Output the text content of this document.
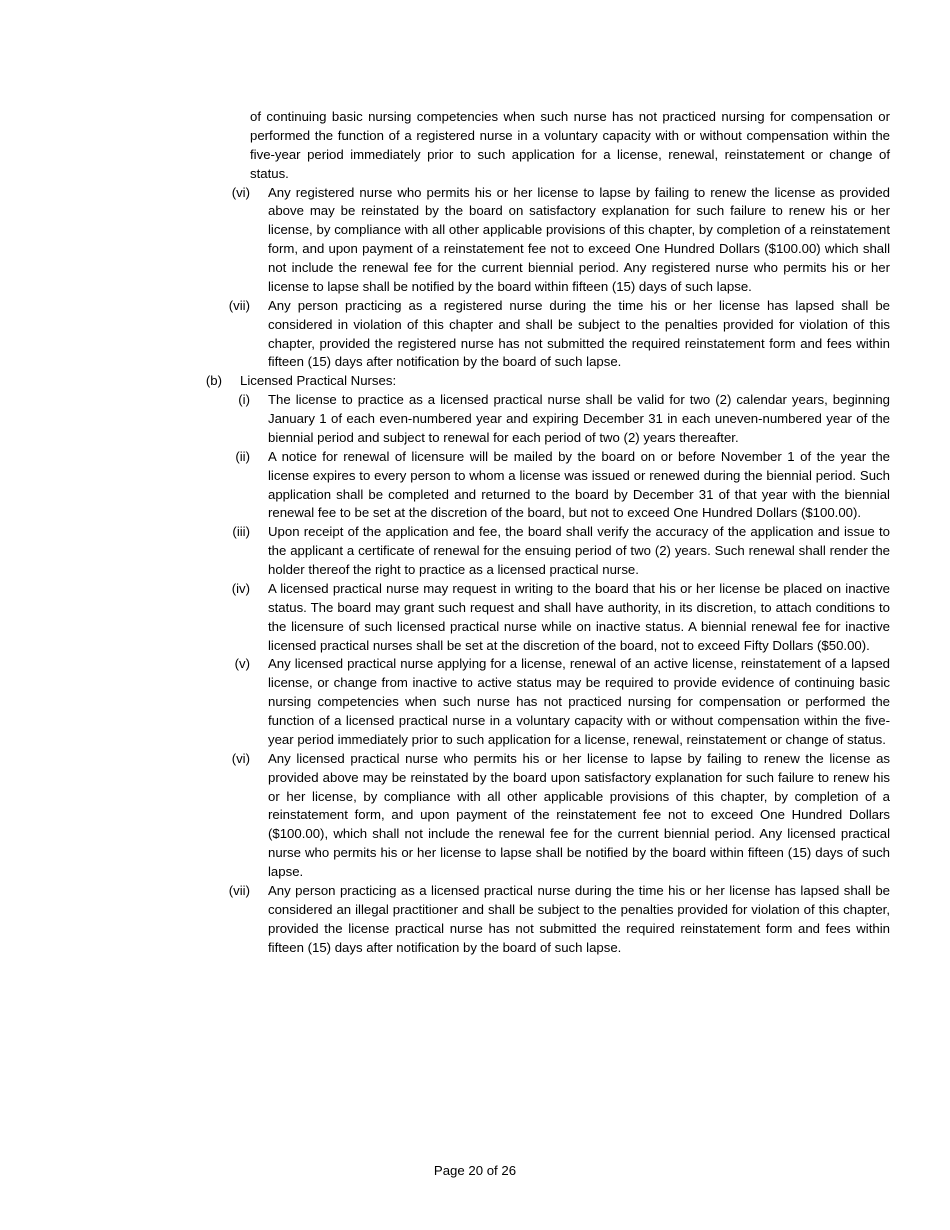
of continuing basic nursing competencies when such nurse has not practiced nursing for compensation or performed the function of a registered nurse in a voluntary capacity with or without compensation within the five-year period immediately prior to such application for a license, renewal, reinstatement or change of status.

(vi)	Any registered nurse who permits his or her license to lapse by failing to renew the license as provided above may be reinstated by the board on satisfactory explanation for such failure to renew his or her license, by compliance with all other applicable provisions of this chapter, by completion of a reinstatement form, and upon payment of a reinstatement fee not to exceed One Hundred Dollars ($100.00) which shall not include the renewal fee for the current biennial period. Any registered nurse who permits his or her license to lapse shall be notified by the board within fifteen (15) days of such lapse.
(vii)	Any person practicing as a registered nurse during the time his or her license has lapsed shall be considered in violation of this chapter and shall be subject to the penalties provided for violation of this chapter, provided the registered nurse has not submitted the required reinstatement form and fees within fifteen (15) days after notification by the board of such lapse.
(b)	Licensed Practical Nurses:
(i)	The license to practice as a licensed practical nurse shall be valid for two (2) calendar years, beginning January 1 of each even-numbered year and expiring December 31 in each uneven-numbered year of the biennial period and subject to renewal for each period of two (2) years thereafter.
(ii)	A notice for renewal of licensure will be mailed by the board on or before November 1 of the year the license expires to every person to whom a license was issued or renewed during the biennial period. Such application shall be completed and returned to the board by December 31 of that year with the biennial renewal fee to be set at the discretion of the board, but not to exceed One Hundred Dollars ($100.00).
(iii)	Upon receipt of the application and fee, the board shall verify the accuracy of the application and issue to the applicant a certificate of renewal for the ensuing period of two (2) years. Such renewal shall render the holder thereof the right to practice as a licensed practical nurse.
(iv)	A licensed practical nurse may request in writing to the board that his or her license be placed on inactive status. The board may grant such request and shall have authority, in its discretion, to attach conditions to the licensure of such licensed practical nurse while on inactive status. A biennial renewal fee for inactive licensed practical nurses shall be set at the discretion of the board, not to exceed Fifty Dollars ($50.00).
(v)	Any licensed practical nurse applying for a license, renewal of an active license, reinstatement of a lapsed license, or change from inactive to active status may be required to provide evidence of continuing basic nursing competencies when such nurse has not practiced nursing for compensation or performed the function of a licensed practical nurse in a voluntary capacity with or without compensation within the five-year period immediately prior to such application for a license, renewal, reinstatement or change of status.
(vi)	Any licensed practical nurse who permits his or her license to lapse by failing to renew the license as provided above may be reinstated by the board upon satisfactory explanation for such failure to renew his or her license, by compliance with all other applicable provisions of this chapter, by completion of a reinstatement form, and upon payment of the reinstatement fee not to exceed One Hundred Dollars ($100.00), which shall not include the renewal fee for the current biennial period. Any licensed practical nurse who permits his or her license to lapse shall be notified by the board within fifteen (15) days of such lapse.
(vii)	Any person practicing as a licensed practical nurse during the time his or her license has lapsed shall be considered an illegal practitioner and shall be subject to the penalties provided for violation of this chapter, provided the license practical nurse has not submitted the required reinstatement form and fees within fifteen (15) days after notification by the board of such lapse.
Page 20 of 26
